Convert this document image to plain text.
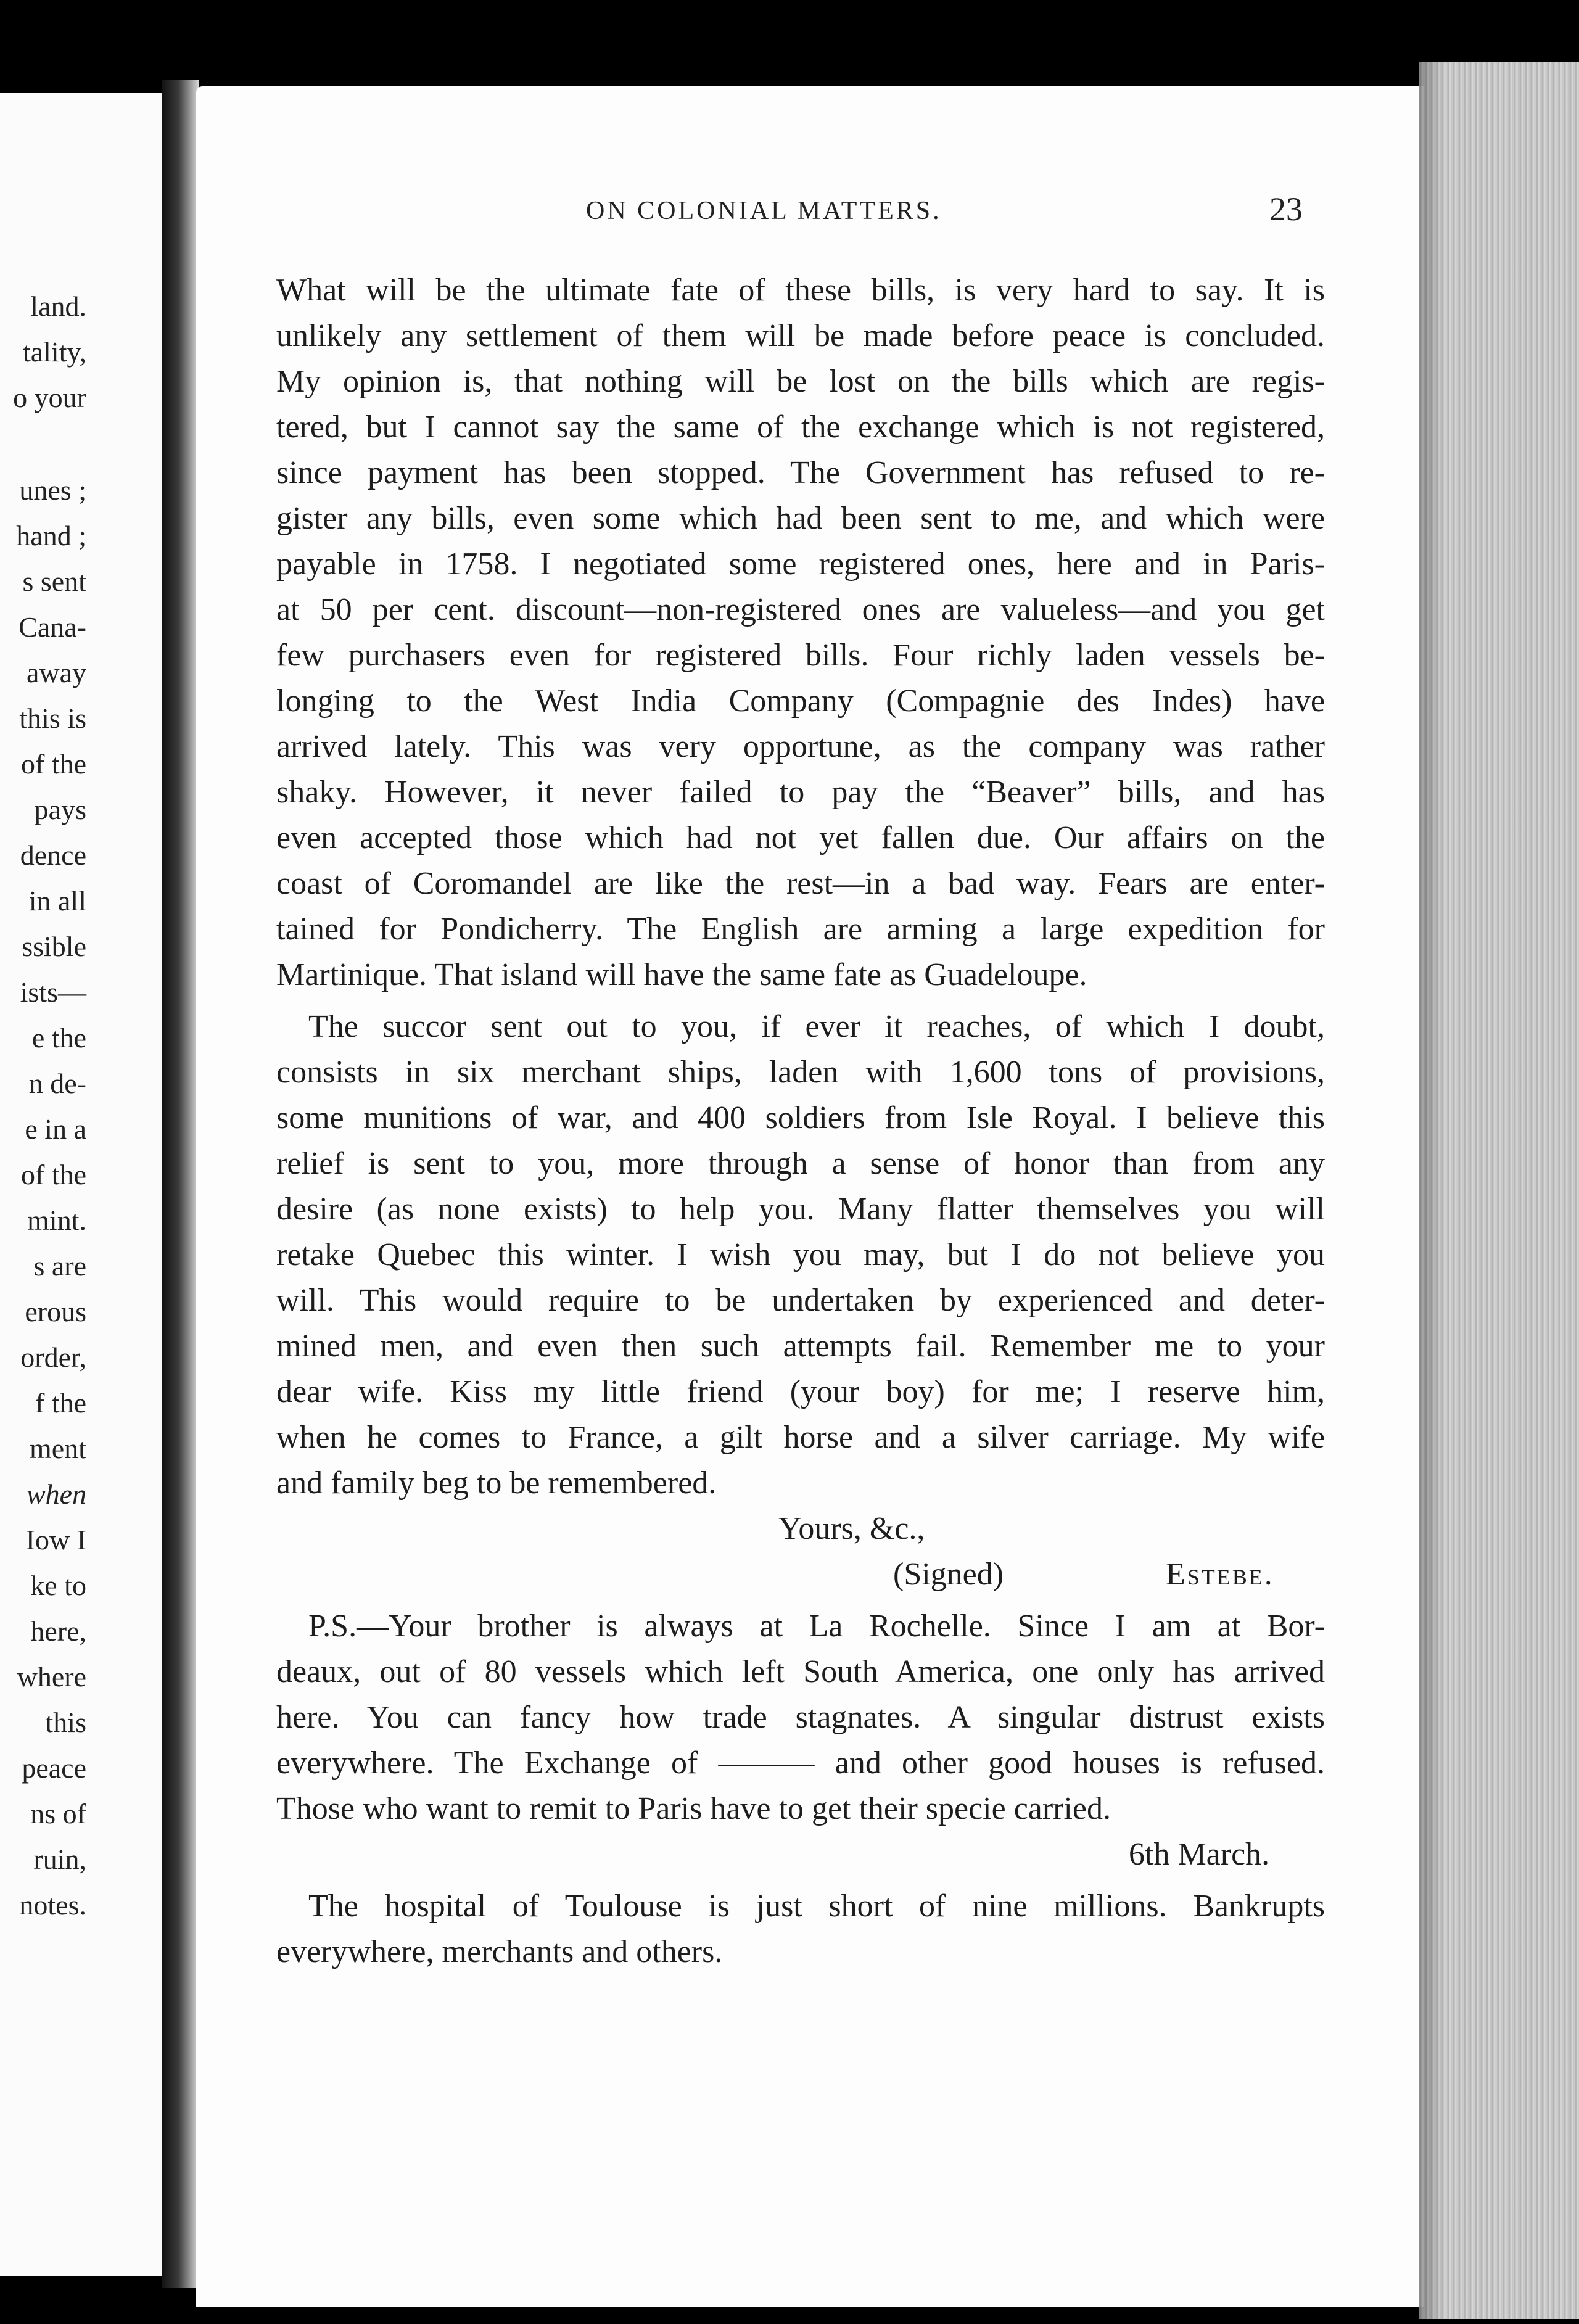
land.
tality,
o your
unes ;
hand ;
s sent
Cana-
away
this is
of the
pays
dence
in all
ssible
ists—
e the
n de-
e in a
of the
mint.
s are
erous
order,
f the
ment
when
Iow I
ke to
here,
where
this
peace
ns of
ruin,
notes.
ON COLONIAL MATTERS.	23
What will be the ultimate fate of these bills, is very hard to say. It is
unlikely any settlement of them will be made before peace is concluded.
My opinion is, that nothing will be lost on the bills which are regis-
tered, but I cannot say the same of the exchange which is not registered,
since payment has been stopped. The Government has refused to re-
gister any bills, even some which had been sent to me, and which were
payable in 1758. I negotiated some registered ones, here and in Paris-
at 50 per cent. discount—non-registered ones are valueless—and you get
few purchasers even for registered bills. Four richly laden vessels be-
longing to the West India Company (Compagnie des Indes) have
arrived lately. This was very opportune, as the company was rather
shaky. However, it never failed to pay the “Beaver” bills, and has
even accepted those which had not yet fallen due. Our affairs on the
coast of Coromandel are like the rest—in a bad way. Fears are enter-
tained for Pondicherry. The English are arming a large expedition for
Martinique. That island will have the same fate as Guadeloupe.
The succor sent out to you, if ever it reaches, of which I doubt,
consists in six merchant ships, laden with 1,600 tons of provisions,
some munitions of war, and 400 soldiers from Isle Royal. I believe this
relief is sent to you, more through a sense of honor than from any
desire (as none exists) to help you. Many flatter themselves you will
retake Quebec this winter. I wish you may, but I do not believe you
will. This would require to be undertaken by experienced and deter-
mined men, and even then such attempts fail. Remember me to your
dear wife. Kiss my little friend (your boy) for me; I reserve him,
when he comes to France, a gilt horse and a silver carriage. My wife
and family beg to be remembered.
Yours, &c.,
(Signed)	Estebe.
P.S.—Your brother is always at La Rochelle. Since I am at Bor-
deaux, out of 80 vessels which left South America, one only has arrived
here. You can fancy how trade stagnates. A singular distrust exists
everywhere. The Exchange of ——— and other good houses is refused.
Those who want to remit to Paris have to get their specie carried.
6th March.
The hospital of Toulouse is just short of nine millions. Bankrupts
everywhere, merchants and others.
